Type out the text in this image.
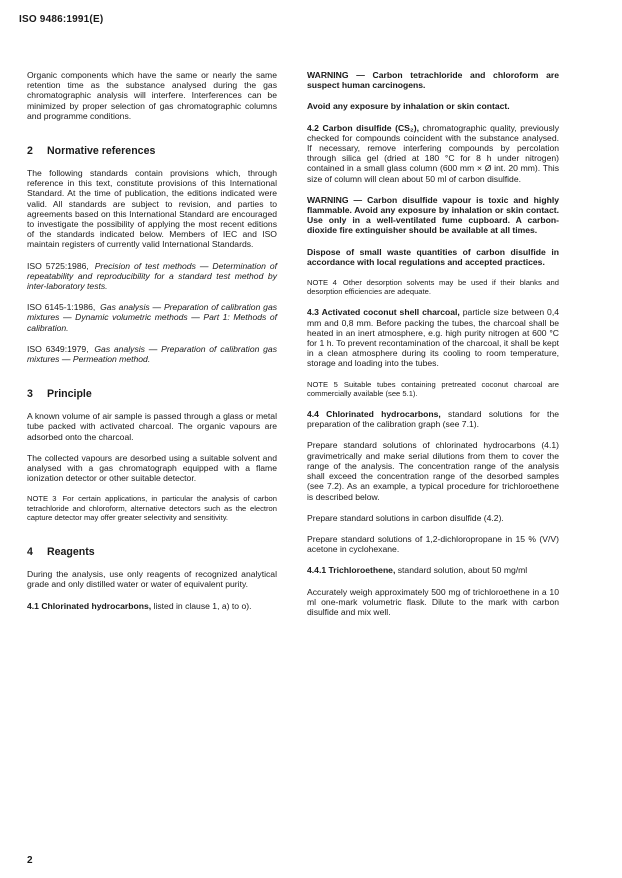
ISO 9486:1991(E)

Organic components which have the same or nearly the same retention time as the substance analysed during the gas chromatographic analysis will interfere. Interferences can be minimized by proper selection of gas chromatographic columns and programme conditions.

2 Normative references

The following standards contain provisions which, through reference in this text, constitute provisions of this International Standard. At the time of publication, the editions indicated were valid. All standards are subject to revision, and parties to agreements based on this International Standard are encouraged to investigate the possibility of applying the most recent editions of the standards indicated below. Members of IEC and ISO maintain registers of currently valid International Standards.

ISO 5725:1986, Precision of test methods — Determination of repeatability and reproducibility for a standard test method by inter-laboratory tests.

ISO 6145-1:1986, Gas analysis — Preparation of calibration gas mixtures — Dynamic volumetric methods — Part 1: Methods of calibration.

ISO 6349:1979, Gas analysis — Preparation of calibration gas mixtures — Permeation method.

3 Principle

A known volume of air sample is passed through a glass or metal tube packed with activated charcoal. The organic vapours are adsorbed onto the charcoal.

The collected vapours are desorbed using a suitable solvent and analysed with a gas chromatograph equipped with a flame ionization detector or other suitable detector.

NOTE 3 For certain applications, in particular the analysis of carbon tetrachloride and chloroform, alternative detectors such as the electron capture detector may offer greater selectivity and sensitivity.

4 Reagents

During the analysis, use only reagents of recognized analytical grade and only distilled water or water of equivalent purity.

4.1 Chlorinated hydrocarbons, listed in clause 1, a) to o).

WARNING — Carbon tetrachloride and chloroform are suspect human carcinogens.

Avoid any exposure by inhalation or skin contact.

4.2 Carbon disulfide (CS₂), chromatographic quality, previously checked for compounds coincident with the substance analysed. If necessary, remove interfering compounds by percolation through silica gel (dried at 180 °C for 8 h under nitrogen) contained in a small glass column (600 mm × Ø int. 20 mm). This size of column will clean about 50 ml of carbon disulfide.

WARNING — Carbon disulfide vapour is toxic and highly flammable. Avoid any exposure by inhalation or skin contact. Use only in a well-ventilated fume cupboard. A carbon-dioxide fire extinguisher should be available at all times.

Dispose of small waste quantities of carbon disulfide in accordance with local regulations and accepted practices.

NOTE 4 Other desorption solvents may be used if their blanks and desorption efficiencies are adequate.

4.3 Activated coconut shell charcoal, particle size between 0,4 mm and 0,8 mm. Before packing the tubes, the charcoal shall be heated in an inert atmosphere, e.g. high purity nitrogen at 600 °C for 1 h. To prevent recontamination of the charcoal, it shall be kept in a clean atmosphere during its cooling to room temperature, storage and loading into the tubes.

NOTE 5 Suitable tubes containing pretreated coconut charcoal are commercially available (see 5.1).

4.4 Chlorinated hydrocarbons, standard solutions for the preparation of the calibration graph (see 7.1).

Prepare standard solutions of chlorinated hydrocarbons (4.1) gravimetrically and make serial dilutions from them to cover the range of the analysis. The concentration range of the analysis shall exceed the concentration range of the desorbed samples (see 7.2). As an example, a typical procedure for trichloroethene is described below.

Prepare standard solutions in carbon disulfide (4.2).

Prepare standard solutions of 1,2-dichloropropane in 15 % (V/V) acetone in cyclohexane.

4.4.1 Trichloroethene, standard solution, about 50 mg/ml

Accurately weigh approximately 500 mg of trichloroethene in a 10 ml one-mark volumetric flask. Dilute to the mark with carbon disulfide and mix well.

2
